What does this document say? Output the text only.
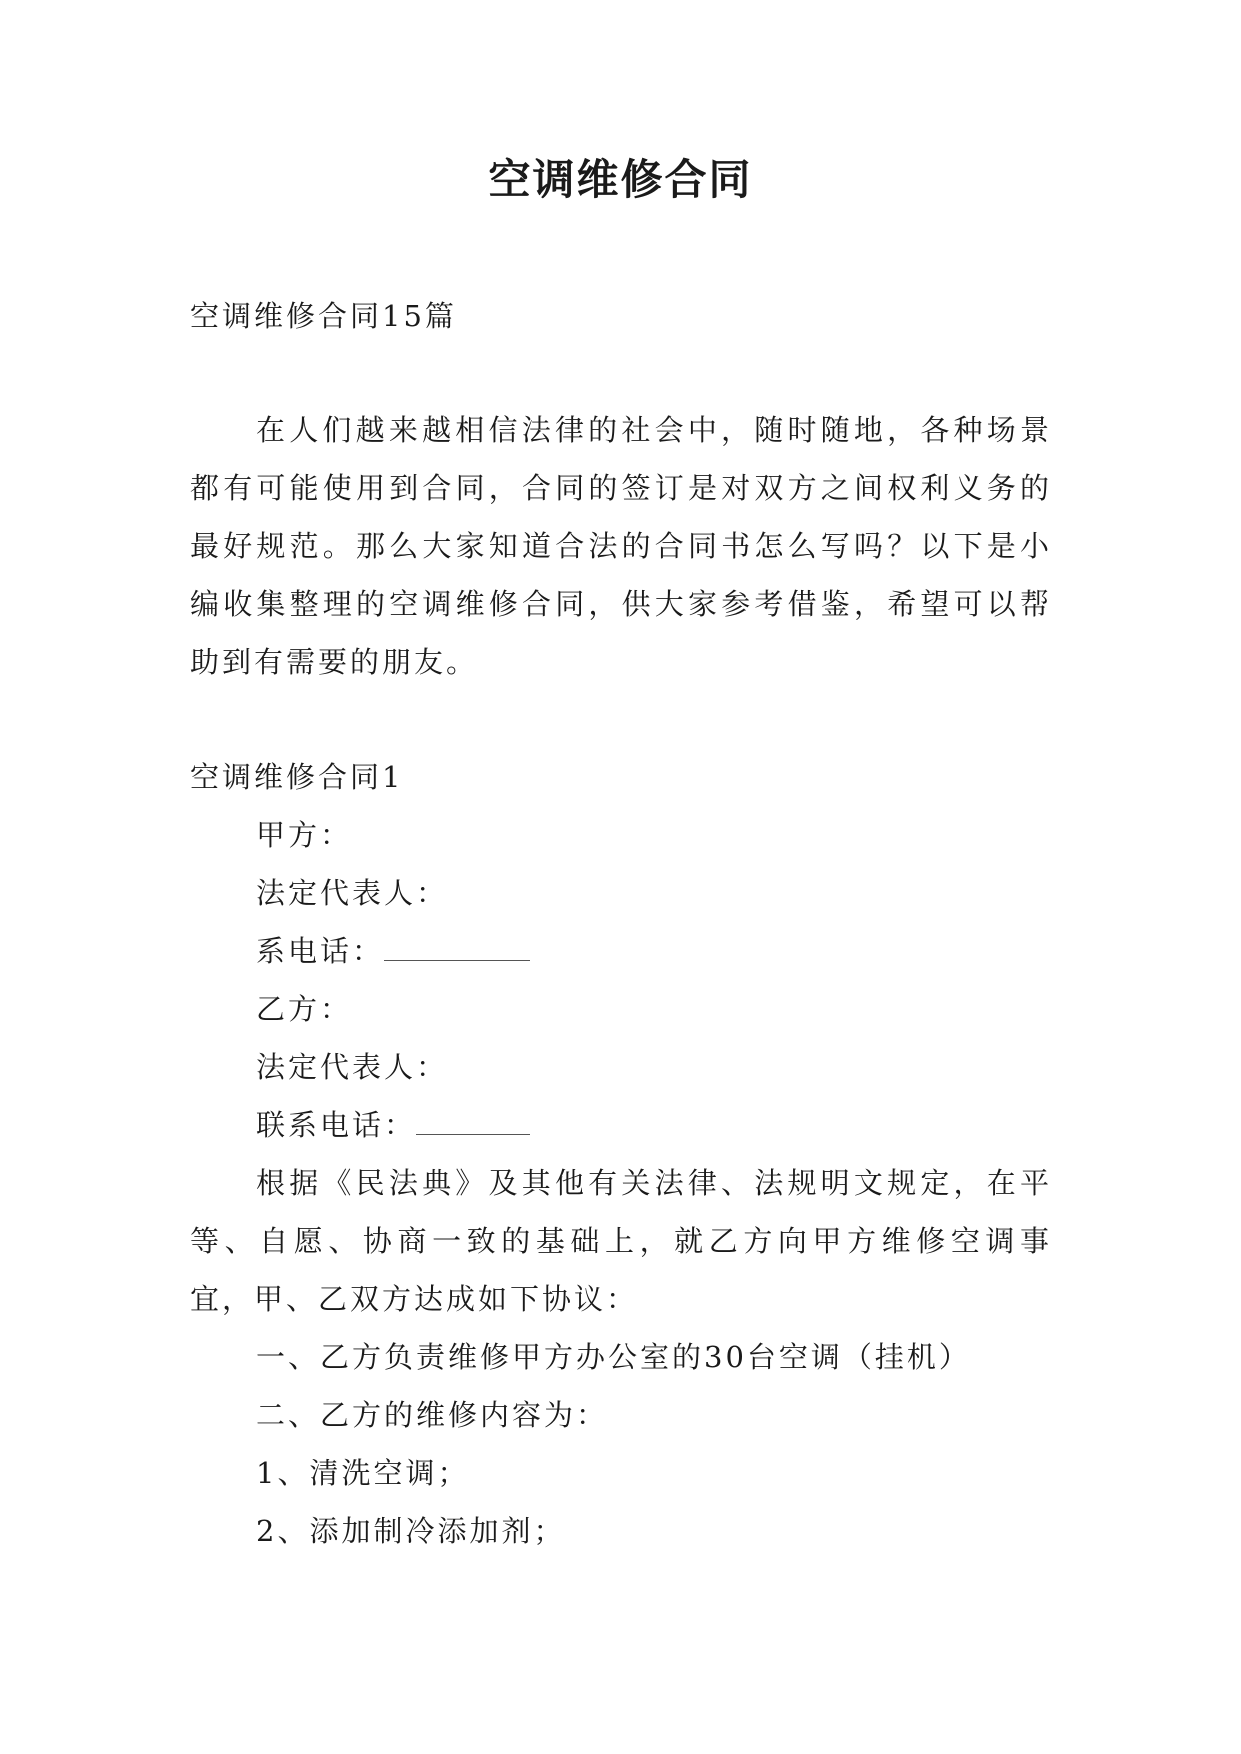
空调维修合同
空调维修合同15篇
在人们越来越相信法律的社会中，随时随地，各种场景都有可能使用到合同，合同的签订是对双方之间权利义务的最好规范。那么大家知道合法的合同书怎么写吗？以下是小编收集整理的空调维修合同，供大家参考借鉴，希望可以帮助到有需要的朋友。

空调维修合同1

甲方：

法定代表人：

系电话：

乙方：

法定代表人：

联系电话：

根据《民法典》及其他有关法律、法规明文规定，在平等、自愿、协商一致的基础上，就乙方向甲方维修空调事宜，甲、乙双方达成如下协议：

一、乙方负责维修甲方办公室的30台空调（挂机）

二、乙方的维修内容为：

1、清洗空调；

2、添加制冷添加剂；
